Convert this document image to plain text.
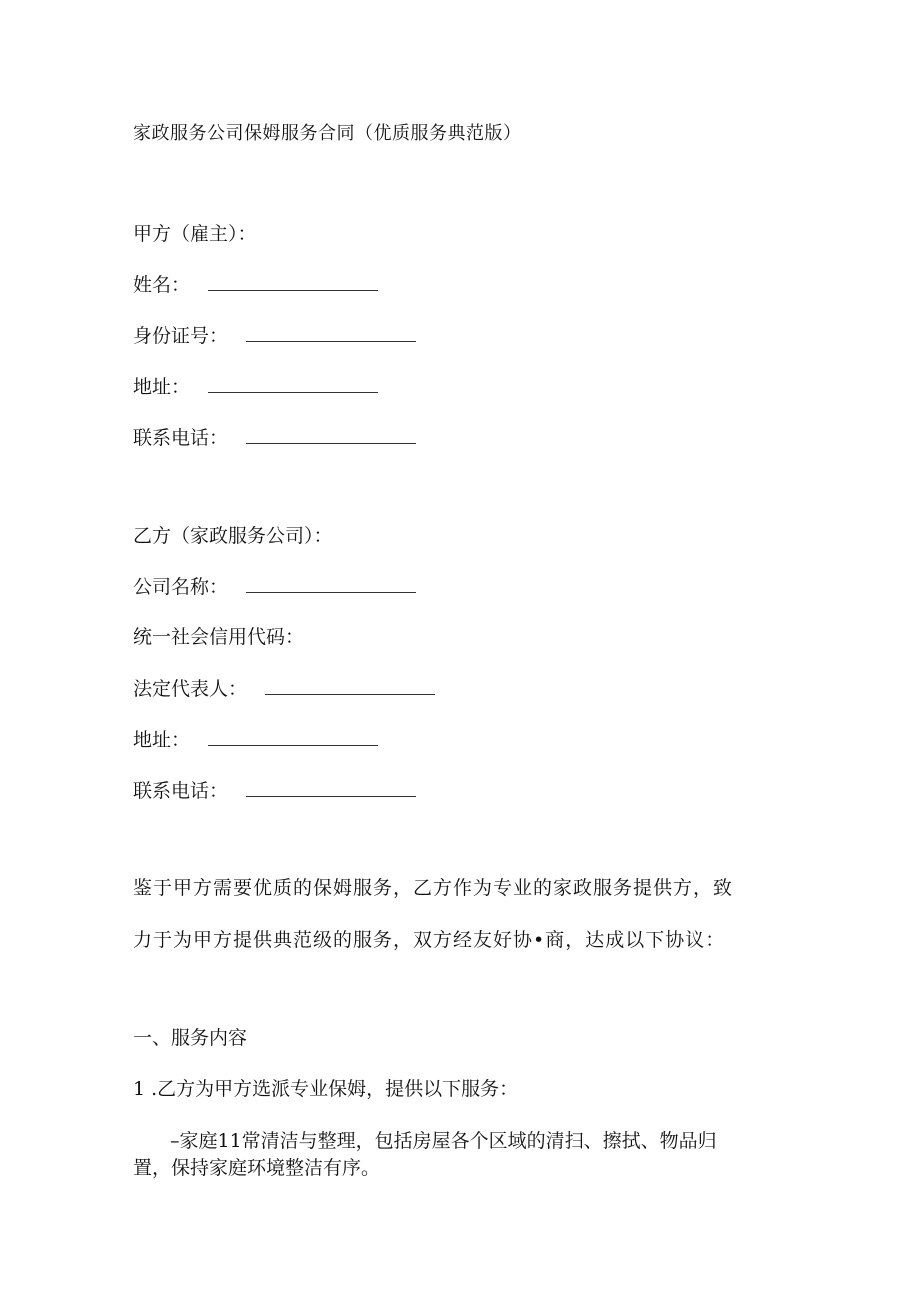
家政服务公司保姆服务合同（优质服务典范版）
甲方（雇主）：
姓名：
身份证号：
地址：
联系电话：
乙方（家政服务公司）：
公司名称：
统一社会信用代码：
法定代表人：
地址：
联系电话：
鉴于甲方需要优质的保姆服务，乙方作为专业的家政服务提供方，致
力于为甲方提供典范级的服务，双方经友好协•商，达成以下协议：
一、服务内容
1 .乙方为甲方选派专业保姆，提供以下服务：
–家庭11常清洁与整理，包括房屋各个区域的清扫、擦拭、物品归
置，保持家庭环境整洁有序。
